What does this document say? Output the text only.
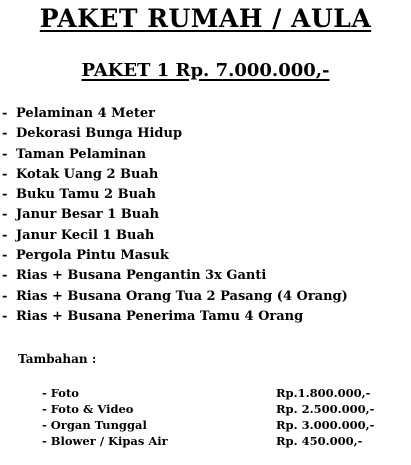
PAKET RUMAH / AULA
PAKET 1 Rp. 7.000.000,-
- Pelaminan 4 Meter
- Dekorasi Bunga Hidup
- Taman Pelaminan
- Kotak Uang 2 Buah
- Buku Tamu 2 Buah
- Janur Besar 1 Buah
- Janur Kecil 1 Buah
- Pergola Pintu Masuk
- Rias + Busana Pengantin 3x Ganti
- Rias + Busana Orang Tua 2 Pasang (4 Orang)
- Rias + Busana Penerima Tamu 4 Orang
Tambahan :
- Foto	Rp.1.800.000,-
- Foto & Video	Rp. 2.500.000,-
- Organ Tunggal	Rp. 3.000.000,-
- Blower / Kipas Air	Rp. 450.000,-
